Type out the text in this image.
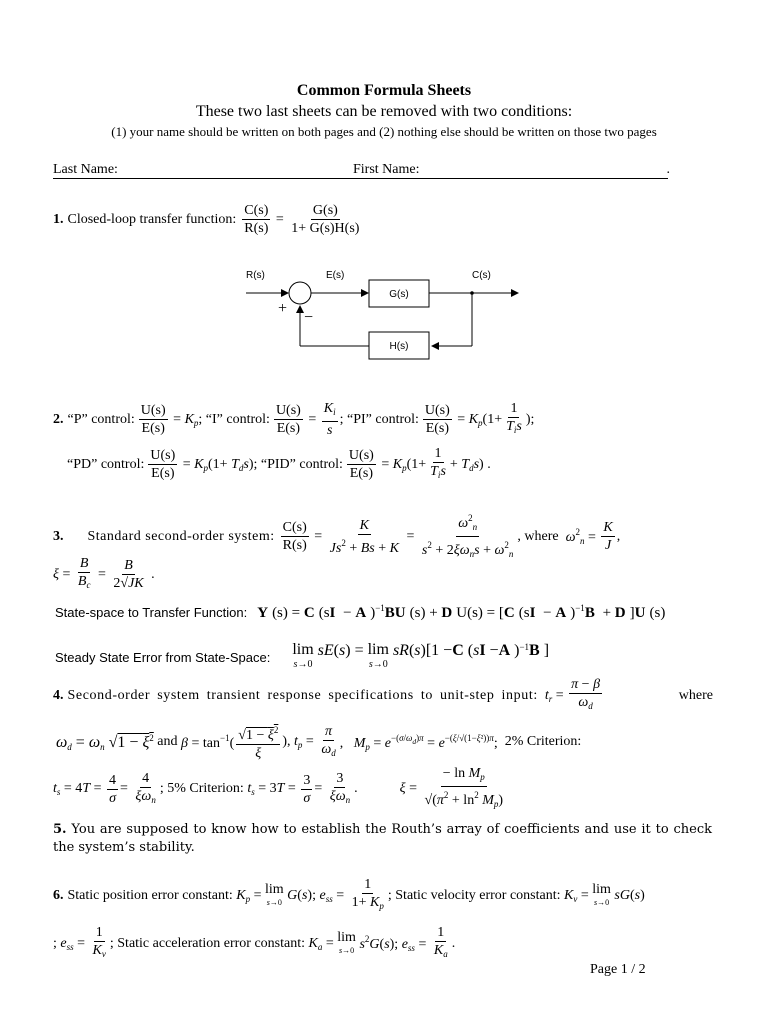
Common Formula Sheets
These two last sheets can be removed with two conditions:
(1) your name should be written on both pages and (2) nothing else should be written on those two pages
Last Name:	First Name:	.
1. Closed-loop transfer function: $\frac{C(s)}{R(s)} = \frac{G(s)}{1+ G(s)H(s)}$
R(s)	E(s)	C(s)
G(s)
H(s)
+
−
2. “P” control: $\frac{U(s)}{E(s)} = K_p$; “I” control: $\frac{U(s)}{E(s)} = \frac{K_i}{s}$ ; “PI” control: $\frac{U(s)}{E(s)} = K_p(1+ \frac{1}{T_is}$ );
“PD” control: $\frac{U(s)}{E(s)} = K_p(1+ T_ds)$; “PID” control: $\frac{U(s)}{E(s)} = K_p(1+ \frac{1}{T_is} + T_ds)$ .
3. Standard second-order system: $\frac{C(s)}{R(s)} = \frac{K}{Js^2 + Bs + K} = \frac{\omega^2_n}{s^2 + 2\xi\omega_ns + \omega^2_n}$ , where $\omega^2_n = \frac{K}{J}$ ,
$\xi = \frac{B}{B_c} = \frac{B}{2√JK}$ .
State-space to Transfer Function: Y (s) = C (sI − A )$^{-1}$BU (s) + D U(s) = [C (sI − A )$^{-1}$B + D ]U (s)
Steady State Error from State-Space: lim
s→0

sE ( s ) = lim
s→0

sR ( s )[1 − C ( s I − A ) −1 B ]
4. Second-order system transient response specifications to unit-step input: $t_r = \frac{\pi - \beta}{\omega_d}$	where
$\omega_d = \omega_n$ $√1 - \xi^2$
and $\beta = \tan^{-1}( \frac{√1 - \xi^2}{\xi}$ ), $t_p = \frac{\pi}{\omega_d}$ ,   $M_p = e^{-(\sigma/\omega_d)\pi} = e^{-(\xi/√(1-\xi^2))\pi}$; 2% Criterion:
$t_s = 4T = \frac{4}{\sigma} = \frac{4}{\xi\omega_n}$ ; 5% Criterion: $t_s = 3T = \frac{3}{\sigma} = \frac{3}{\xi\omega_n}$ .	$\xi = \frac{- \ln M_p}{√(\pi^2 + \ln^2 M_p)}$
5. You are supposed to know how to establish the Routh’s array of coefficients and use it to check the system’s stability.
6. Static position error constant: $K_p = \lim$
s→0 G(s); $e_{ss} = \frac{1}{1+ K_p}$ ; Static velocity error constant: $K_v = \lim$
s→0 sG(s)
; $e_{ss} = \frac{1}{K_v}$ ; Static acceleration error constant: $K_a = \lim$
s→0 $s^2G(s)$; $e_{ss} = \frac{1}{K_a}$ .
Page 1 / 2
